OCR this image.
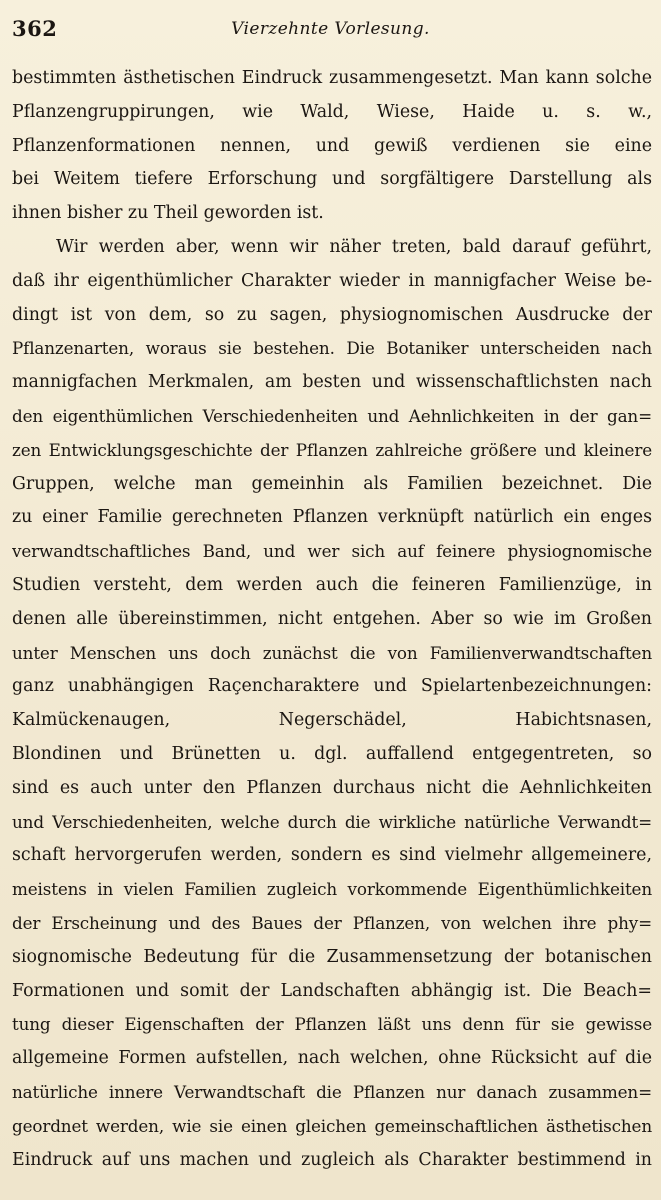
362	Vierzehnte Vorlesung.
bestimmten ästhetischen Eindruck zusammengesetzt. Man kann solche
Pflanzengruppirungen, wie Wald, Wiese, Haide u. s. w.,
Pflanzenformationen nennen, und gewiß verdienen sie eine
bei Weitem tiefere Erforschung und sorgfältigere Darstellung als
ihnen bisher zu Theil geworden ist.
Wir werden aber, wenn wir näher treten, bald darauf geführt,
daß ihr eigenthümlicher Charakter wieder in mannigfacher Weise be-
dingt ist von dem, so zu sagen, physiognomischen Ausdrucke der
Pflanzenarten, woraus sie bestehen. Die Botaniker unterscheiden nach
mannigfachen Merkmalen, am besten und wissenschaftlichsten nach
den eigenthümlichen Verschiedenheiten und Aehnlichkeiten in der gan=
zen Entwicklungsgeschichte der Pflanzen zahlreiche größere und kleinere
Gruppen, welche man gemeinhin als Familien bezeichnet. Die
zu einer Familie gerechneten Pflanzen verknüpft natürlich ein enges
verwandtschaftliches Band, und wer sich auf feinere physiognomische
Studien versteht, dem werden auch die feineren Familienzüge, in
denen alle übereinstimmen, nicht entgehen. Aber so wie im Großen
unter Menschen uns doch zunächst die von Familienverwandtschaften
ganz unabhängigen Raçencharaktere und Spielartenbezeichnungen:
Kalmückenaugen, Negerschädel, Habichtsnasen,
Blondinen und Brünetten u. dgl. auffallend entgegentreten, so
sind es auch unter den Pflanzen durchaus nicht die Aehnlichkeiten
und Verschiedenheiten, welche durch die wirkliche natürliche Verwandt=
schaft hervorgerufen werden, sondern es sind vielmehr allgemeinere,
meistens in vielen Familien zugleich vorkommende Eigenthümlichkeiten
der Erscheinung und des Baues der Pflanzen, von welchen ihre phy=
siognomische Bedeutung für die Zusammensetzung der botanischen
Formationen und somit der Landschaften abhängig ist. Die Beach=
tung dieser Eigenschaften der Pflanzen läßt uns denn für sie gewisse
allgemeine Formen aufstellen, nach welchen, ohne Rücksicht auf die
natürliche innere Verwandtschaft die Pflanzen nur danach zusammen=
geordnet werden, wie sie einen gleichen gemeinschaftlichen ästhetischen
Eindruck auf uns machen und zugleich als Charakter bestimmend in
